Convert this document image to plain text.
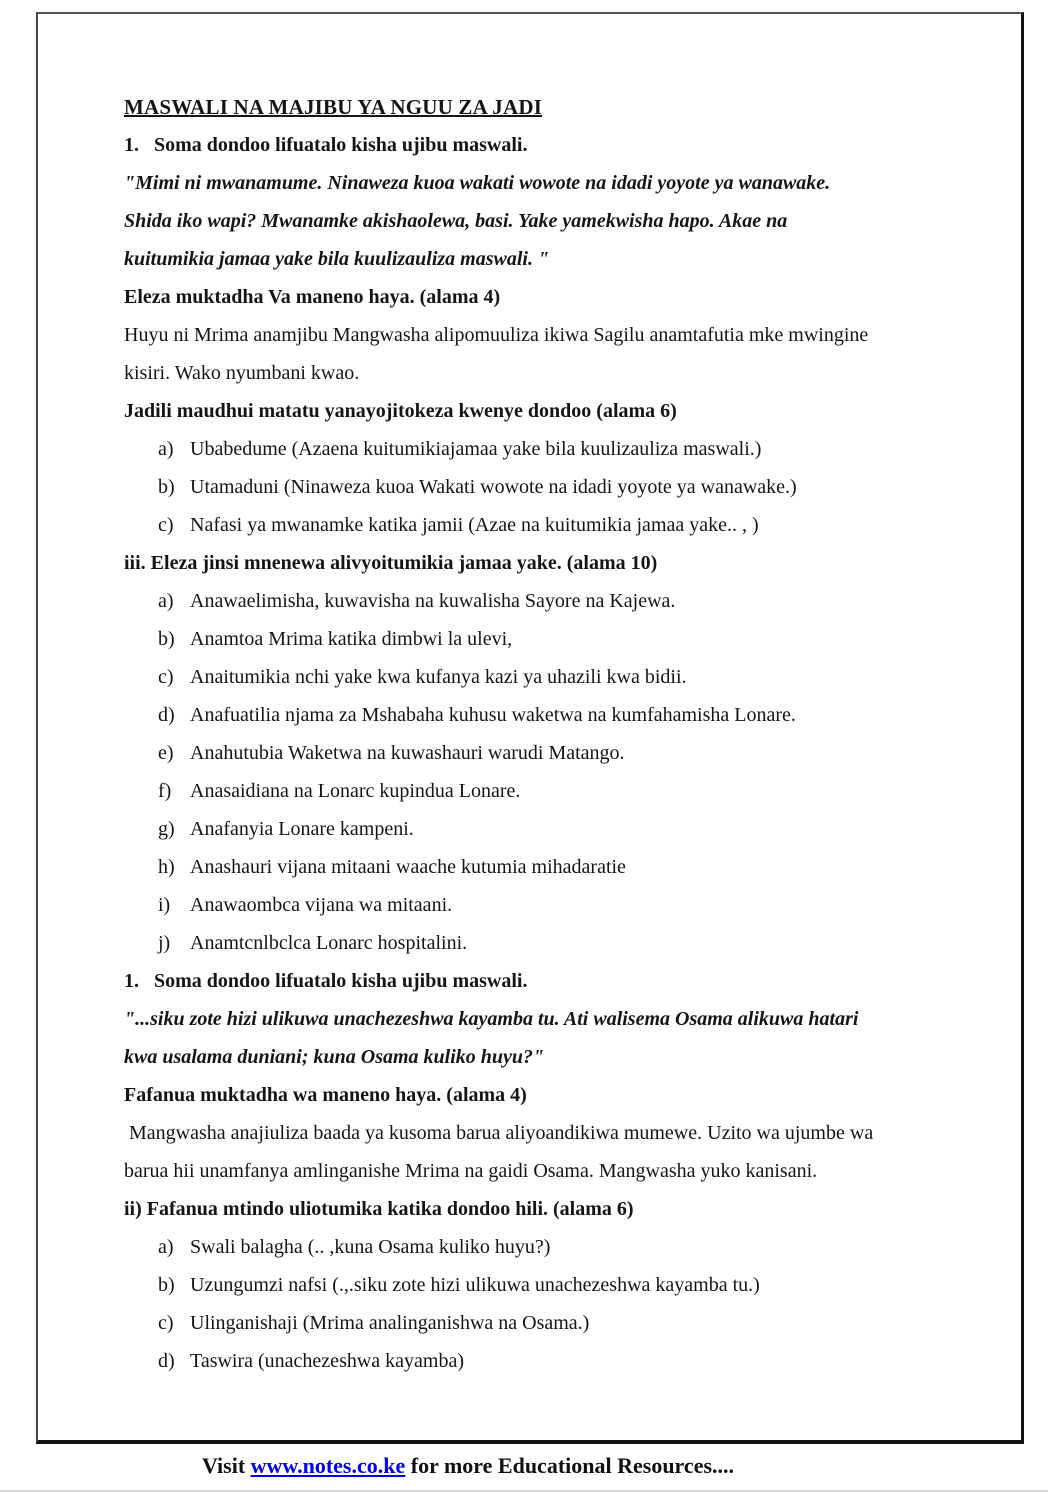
MASWALI NA MAJIBU YA NGUU ZA JADI
1. Soma dondoo lifuatalo kisha ujibu maswali.
"Mimi ni mwanamume. Ninaweza kuoa wakati wowote na idadi yoyote ya wanawake.
Shida iko wapi? Mwanamke akishaolewa, basi. Yake yamekwisha hapo. Akae na
kuitumikia jamaa yake bila kuulizauliza maswali. "
Eleza muktadha Va maneno haya. (alama 4)
Huyu ni Mrima anamjibu Mangwasha alipomuuliza ikiwa Sagilu anamtafutia mke mwingine
kisiri. Wako nyumbani kwao.
Jadili maudhui matatu yanayojitokeza kwenye dondoo (alama 6)
a) Ubabedume (Azaena kuitumikiajamaa yake bila kuulizauliza maswali.)
b) Utamaduni (Ninaweza kuoa Wakati wowote na idadi yoyote ya wanawake.)
c) Nafasi ya mwanamke katika jamii (Azae na kuitumikia jamaa yake.. , )
iii. Eleza jinsi mnenewa alivyoitumikia jamaa yake. (alama 10)
a) Anawaelimisha, kuwavisha na kuwalisha Sayore na Kajewa.
b) Anamtoa Mrima katika dimbwi la ulevi,
c) Anaitumikia nchi yake kwa kufanya kazi ya uhazili kwa bidii.
d) Anafuatilia njama za Mshabaha kuhusu waketwa na kumfahamisha Lonare.
e) Anahutubia Waketwa na kuwashauri warudi Matango.
f) Anasaidiana na Lonarc kupindua Lonare.
g) Anafanyia Lonare kampeni.
h) Anashauri vijana mitaani waache kutumia mihadaratie
i) Anawaombca vijana wa mitaani.
j) Anamtcnlbclca Lonarc hospitalini.
1. Soma dondoo lifuatalo kisha ujibu maswali.
"...siku zote hizi ulikuwa unachezeshwa kayamba tu. Ati walisema Osama alikuwa hatari
kwa usalama duniani; kuna Osama kuliko huyu?"
Fafanua muktadha wa maneno haya. (alama 4)
Mangwasha anajiuliza baada ya kusoma barua aliyoandikiwa mumewe. Uzito wa ujumbe wa
barua hii unamfanya amlinganishe Mrima na gaidi Osama. Mangwasha yuko kanisani.
ii) Fafanua mtindo uliotumika katika dondoo hili. (alama 6)
a) Swali balagha (.. ,kuna Osama kuliko huyu?)
b) Uzungumzi nafsi (.,.siku zote hizi ulikuwa unachezeshwa kayamba tu.)
c) Ulinganishaji (Mrima analinganishwa na Osama.)
d) Taswira (unachezeshwa kayamba)
Visit www.notes.co.ke for more Educational Resources....
